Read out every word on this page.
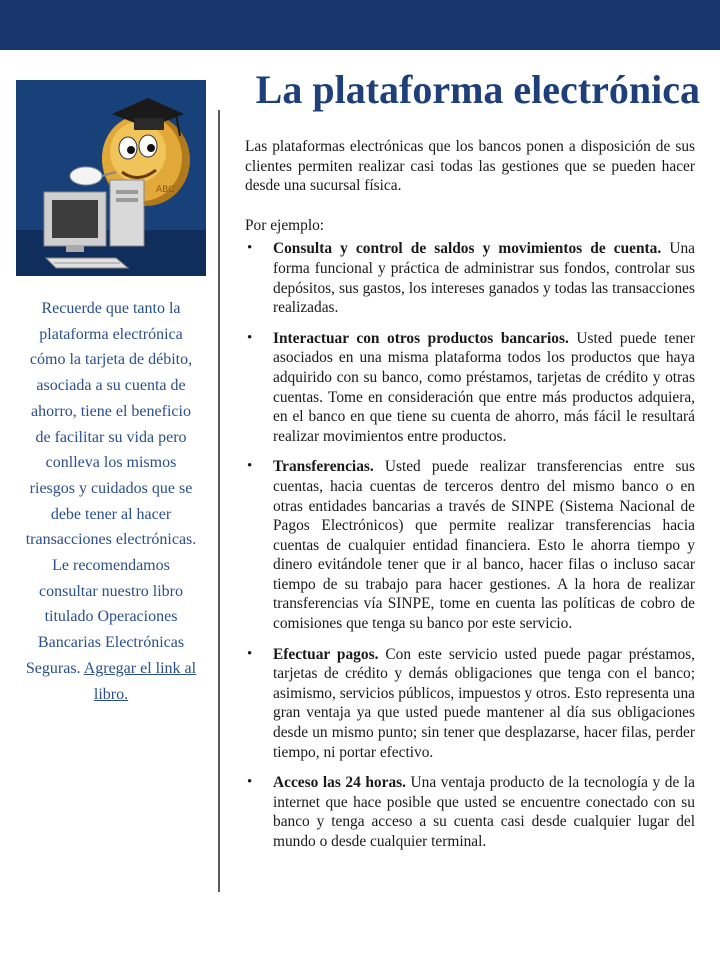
ABC
Recuerde que tanto la plataforma electrónica cómo la tarjeta de débito, asociada a su cuenta de ahorro, tiene el beneficio de facilitar su vida pero conlleva los mismos riesgos y cuidados que se debe tener al hacer transacciones electrónicas. Le recomendamos consultar nuestro libro titulado Operaciones Bancarias Electrónicas Seguras. Agregar el link al libro.
La plataforma electrónica

Las plataformas electrónicas que los bancos ponen a disposición de sus clientes permiten realizar casi todas las gestiones que se pueden hacer desde una sucursal física.

Por ejemplo:

• Consulta y control de saldos y movimientos de cuenta. Una forma funcional y práctica de administrar sus fondos, controlar sus depósitos, sus gastos, los intereses ganados y todas las transacciones realizadas.
• Interactuar con otros productos bancarios. Usted puede tener asociados en una misma plataforma todos los productos que haya adquirido con su banco, como préstamos, tarjetas de crédito y otras cuentas. Tome en consideración que entre más productos adquiera, en el banco en que tiene su cuenta de ahorro, más fácil le resultará realizar movimientos entre productos.
• Transferencias. Usted puede realizar transferencias entre sus cuentas, hacia cuentas de terceros dentro del mismo banco o en otras entidades bancarias a través de SINPE (Sistema Nacional de Pagos Electrónicos) que permite realizar transferencias hacia cuentas de cualquier entidad financiera. Esto le ahorra tiempo y dinero evitándole tener que ir al banco, hacer filas o incluso sacar tiempo de su trabajo para hacer gestiones. A la hora de realizar transferencias vía SINPE, tome en cuenta las políticas de cobro de comisiones que tenga su banco por este servicio.
• Efectuar pagos. Con este servicio usted puede pagar préstamos, tarjetas de crédito y demás obligaciones que tenga con el banco; asimismo, servicios públicos, impuestos y otros. Esto representa una gran ventaja ya que usted puede mantener al día sus obligaciones desde un mismo punto; sin tener que desplazarse, hacer filas, perder tiempo, ni portar efectivo.
• Acceso las 24 horas. Una ventaja producto de la tecnología y de la internet que hace posible que usted se encuentre conectado con su banco y tenga acceso a su cuenta casi desde cualquier lugar del mundo o desde cualquier terminal.
